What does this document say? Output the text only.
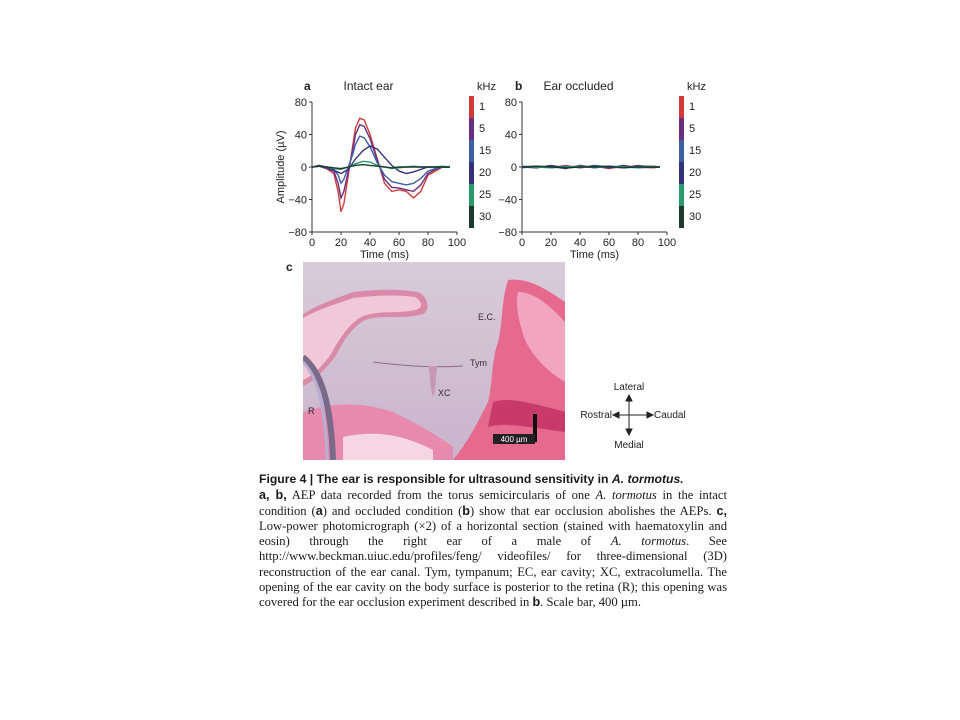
a	Intact ear
80
40
0
−40
−80
0 20 40 60 80 100
Time (ms)
Amplitude (µV)
kHz
1
5
15
20
25
30
b Ear occluded
80
40
0
−40
−80
0 20 40 60 80 100
Time (ms)
kHz
1
5
15
20
25
30
c
400 µm
E.C.
Tym
XC
R
Lateral
Medial
Rostral	Caudal
Figure 4 | The ear is responsible for ultrasound sensitivity in A. tormotus.
a, b, AEP data recorded from the torus semicircularis of one A. tormotus in the intact condition (a) and occluded condition (b) show that ear occlusion abolishes the AEPs. c, Low-power photomicrograph (×2) of a horizontal section (stained with haematoxylin and eosin) through the right ear of a male of A. tormotus. See http://www.beckman.uiuc.edu/profiles/feng/ videofiles/ for three-dimensional (3D) reconstruction of the ear canal. Tym, tympanum; EC, ear cavity; XC, extracolumella. The opening of the ear cavity on the body surface is posterior to the retina (R); this opening was covered for the ear occlusion experiment described in b. Scale bar, 400 µm.
